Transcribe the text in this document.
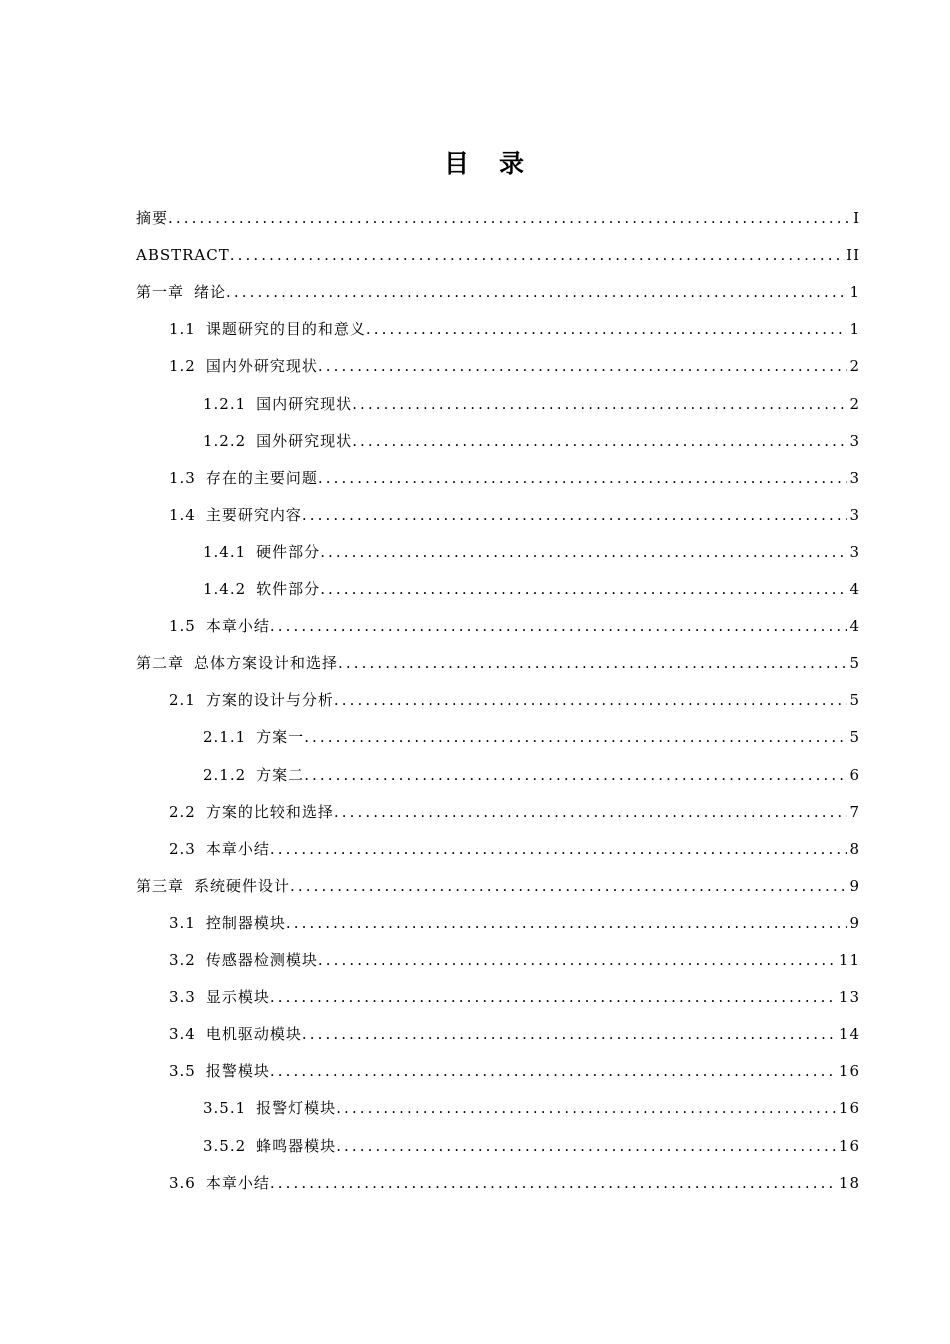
目录
摘要 .....	I
ABSTRACT .....	II
第一章 绪论 .....	1
1.1 课题研究的目的和意义 .....	1
1.2 国内外研究现状 .....	2
1.2.1 国内研究现状 .....	2
1.2.2 国外研究现状 .....	3
1.3 存在的主要问题 .....	3
1.4 主要研究内容 .....	3
1.4.1 硬件部分 .....	3
1.4.2 软件部分 .....	4
1.5 本章小结 .....	4
第二章 总体方案设计和选择 .....	5
2.1 方案的设计与分析 .....	5
2.1.1 方案一 .....	5
2.1.2 方案二 .....	6
2.2 方案的比较和选择 .....	7
2.3 本章小结 .....	8
第三章 系统硬件设计 .....	9
3.1 控制器模块 .....	9
3.2 传感器检测模块 .....	11
3.3 显示模块 .....	13
3.4 电机驱动模块 .....	14
3.5 报警模块 .....	16
3.5.1 报警灯模块 .....	16
3.5.2 蜂鸣器模块 .....	16
3.6 本章小结 .....	18
